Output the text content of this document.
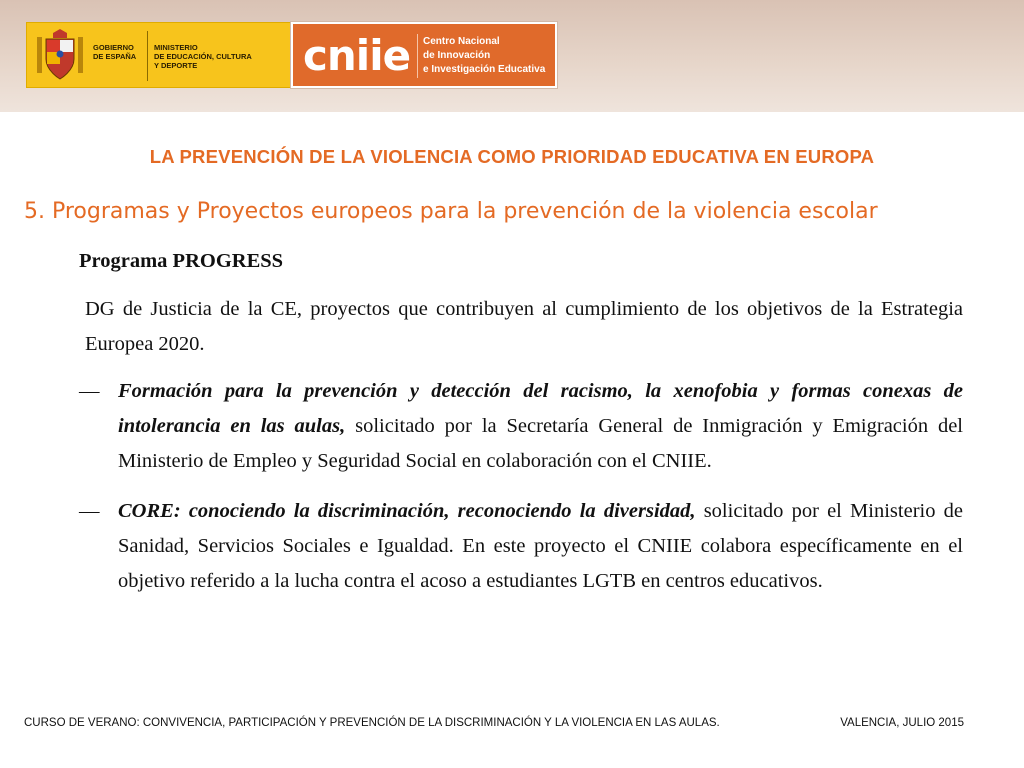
GOBIERNO
DE ESPAÑA
MINISTERIO
DE EDUCACIÓN, CULTURA
Y DEPORTE	cniie Centro Nacional
de Innovación
e Investigación Educativa
LA PREVENCIÓN DE LA VIOLENCIA COMO PRIORIDAD EDUCATIVA EN EUROPA
5. Programas y Proyectos europeos para la prevención de la violencia escolar
Programa PROGRESS
DG de Justicia de la CE, proyectos que contribuyen al cumplimiento de los objetivos de la Estrategia Europea 2020.
— Formación para la prevención y detección del racismo, la xenofobia y formas conexas de intolerancia en las aulas, solicitado por la Secretaría General de Inmigración y Emigración del Ministerio de Empleo y Seguridad Social en colaboración con el CNIIE.
— CORE: conociendo la discriminación, reconociendo la diversidad, solicitado por el Ministerio de Sanidad, Servicios Sociales e Igualdad. En este proyecto el CNIIE colabora específicamente en el objetivo referido a la lucha contra el acoso a estudiantes LGTB en centros educativos.
CURSO DE VERANO: CONVIVENCIA, PARTICIPACIÓN Y PREVENCIÓN DE LA DISCRIMINACIÓN Y LA VIOLENCIA EN LAS AULAS.	VALENCIA, JULIO 2015
